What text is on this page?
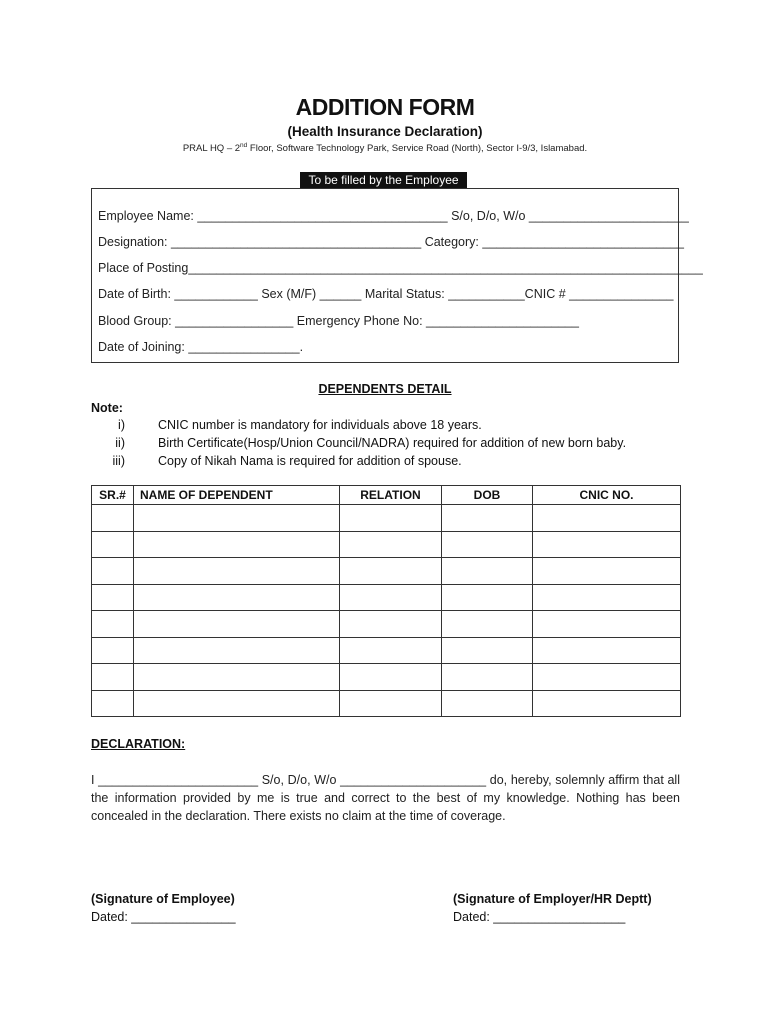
ADDITION FORM
(Health Insurance Declaration)
PRAL HQ – 2nd Floor, Software Technology Park, Service Road (North), Sector I-9/3, Islamabad.
To be filled by the Employee
Employee Name: ____________________________________ S/o, D/o, W/o _______________________
Designation: ____________________________________ Category: _____________________________
Place of Posting__________________________________________________________________________
Date of Birth: ____________ Sex (M/F) ______ Marital Status: ___________CNIC # _______________
Blood Group: _________________ Emergency Phone No: ______________________
Date of Joining: ________________.
DEPENDENTS DETAIL
Note:
i)	CNIC number is mandatory for individuals above 18 years.
ii)	Birth Certificate(Hosp/Union Council/NADRA) required for addition of new born baby.
iii)	Copy of Nikah Nama is required for addition of spouse.
SR.#	NAME OF DEPENDENT	RELATION	DOB	CNIC NO.

DECLARATION:
I _______________________ S/o, D/o, W/o _____________________ do, hereby, solemnly affirm that all the information provided by me is true and correct to the best of my knowledge. Nothing has been concealed in the declaration. There exists no claim at the time of coverage.
(Signature of Employee)
Dated: _______________
(Signature of Employer/HR Deptt)
Dated: ___________________
